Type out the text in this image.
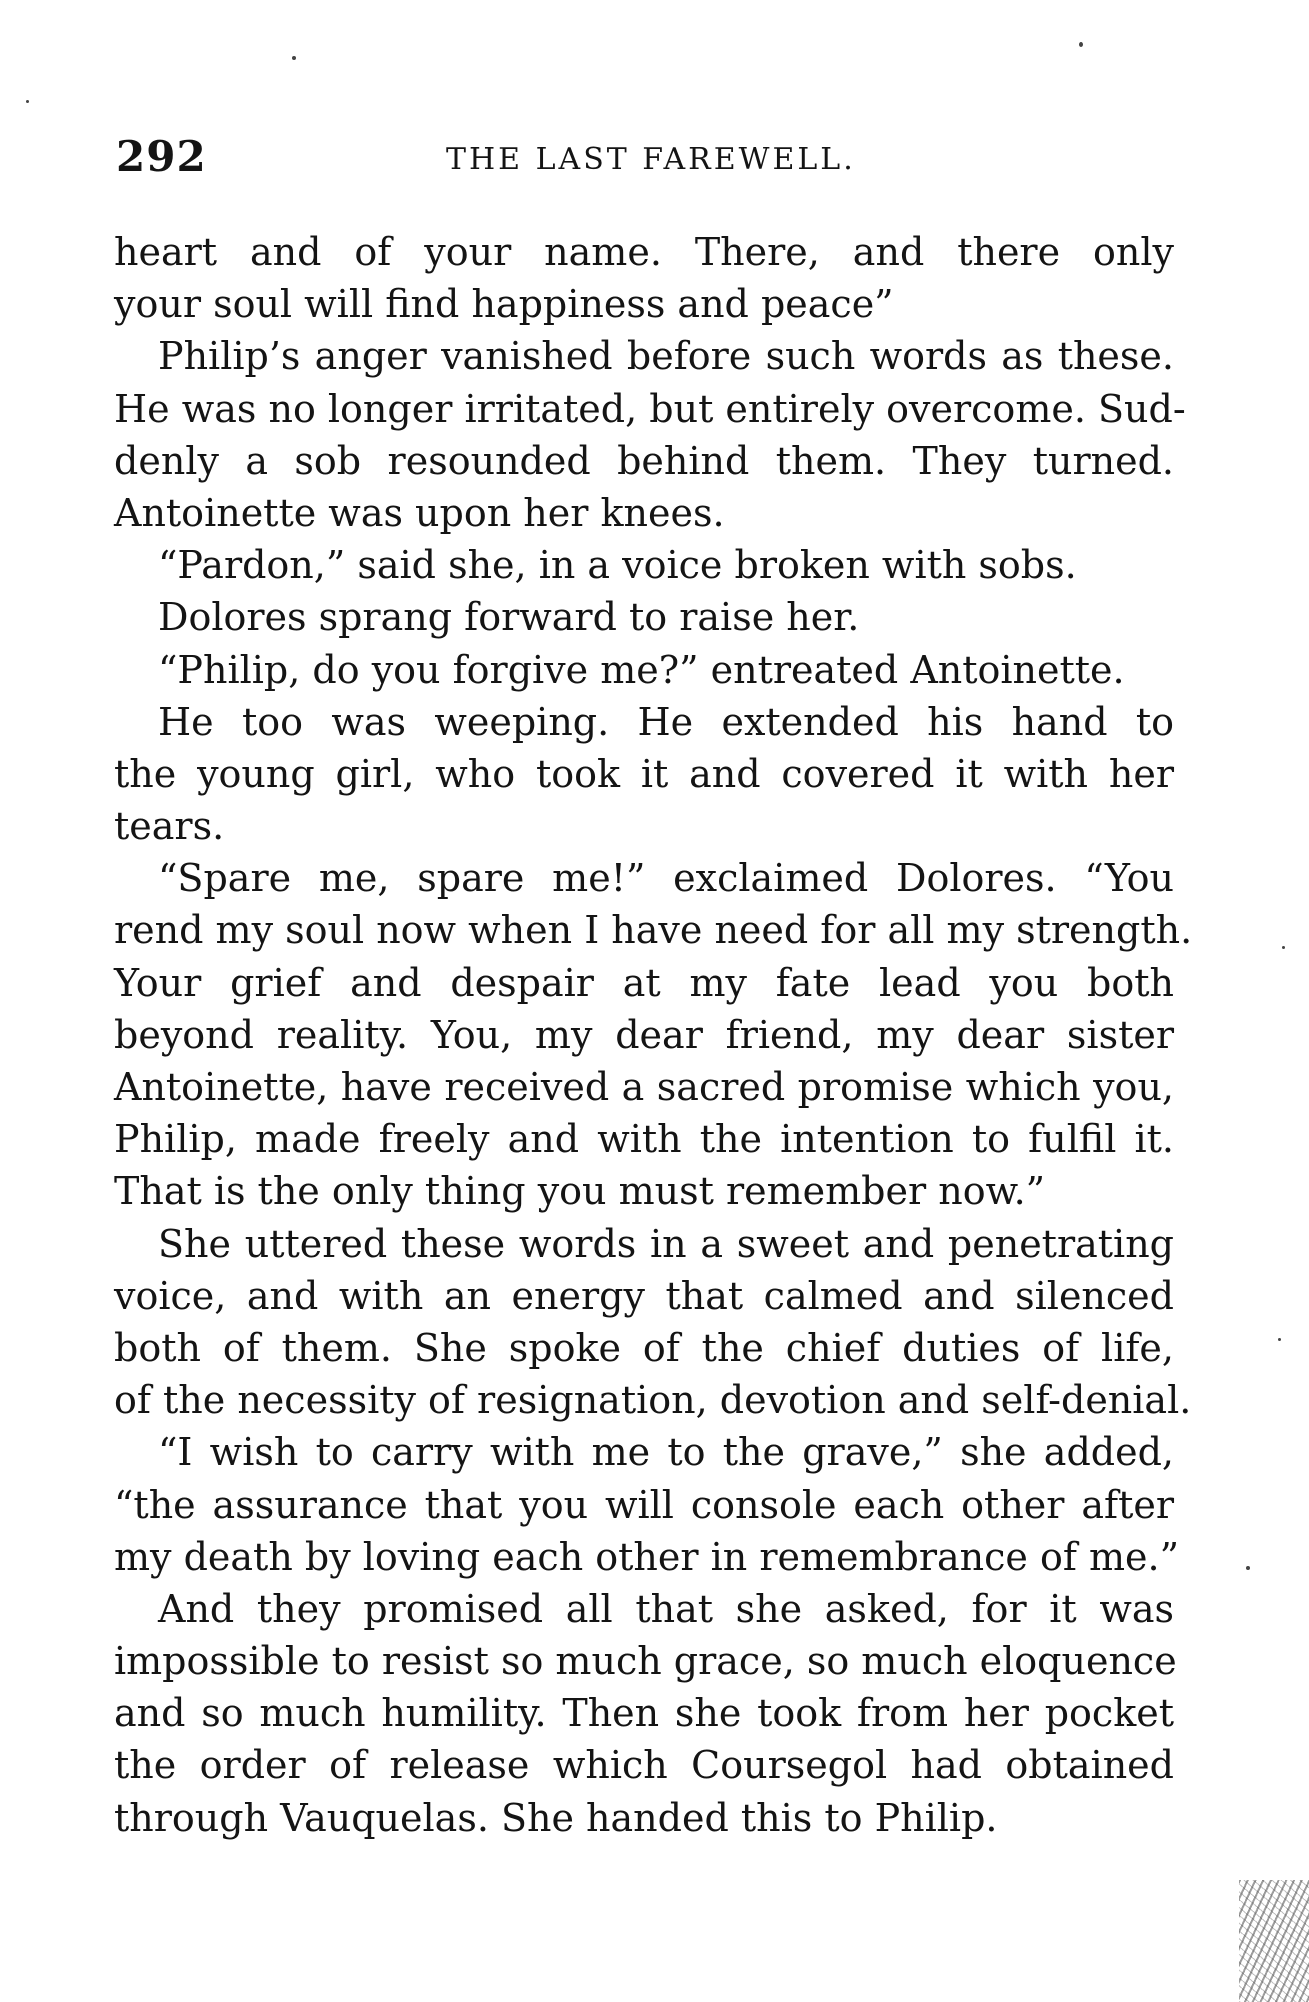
292	THE LAST FAREWELL.
heart and of your name. There, and there only
your soul will find happiness and peace”
Philip’s anger vanished before such words as these.
He was no longer irritated, but entirely overcome. Sud-
denly a sob resounded behind them. They turned.
Antoinette was upon her knees.
“Pardon,” said she, in a voice broken with sobs.
Dolores sprang forward to raise her.
“Philip, do you forgive me?” entreated Antoinette.
He too was weeping. He extended his hand to
the young girl, who took it and covered it with her
tears.
“Spare me, spare me!” exclaimed Dolores. “You
rend my soul now when I have need for all my strength.
Your grief and despair at my fate lead you both
beyond reality. You, my dear friend, my dear sister
Antoinette, have received a sacred promise which you,
Philip, made freely and with the intention to fulfil it.
That is the only thing you must remember now.”
She uttered these words in a sweet and penetrating
voice, and with an energy that calmed and silenced
both of them. She spoke of the chief duties of life,
of the necessity of resignation, devotion and self-denial.
“I wish to carry with me to the grave,” she added,
“the assurance that you will console each other after
my death by loving each other in remembrance of me.”
And they promised all that she asked, for it was
impossible to resist so much grace, so much eloquence
and so much humility. Then she took from her pocket
the order of release which Coursegol had obtained
through Vauquelas. She handed this to Philip.
